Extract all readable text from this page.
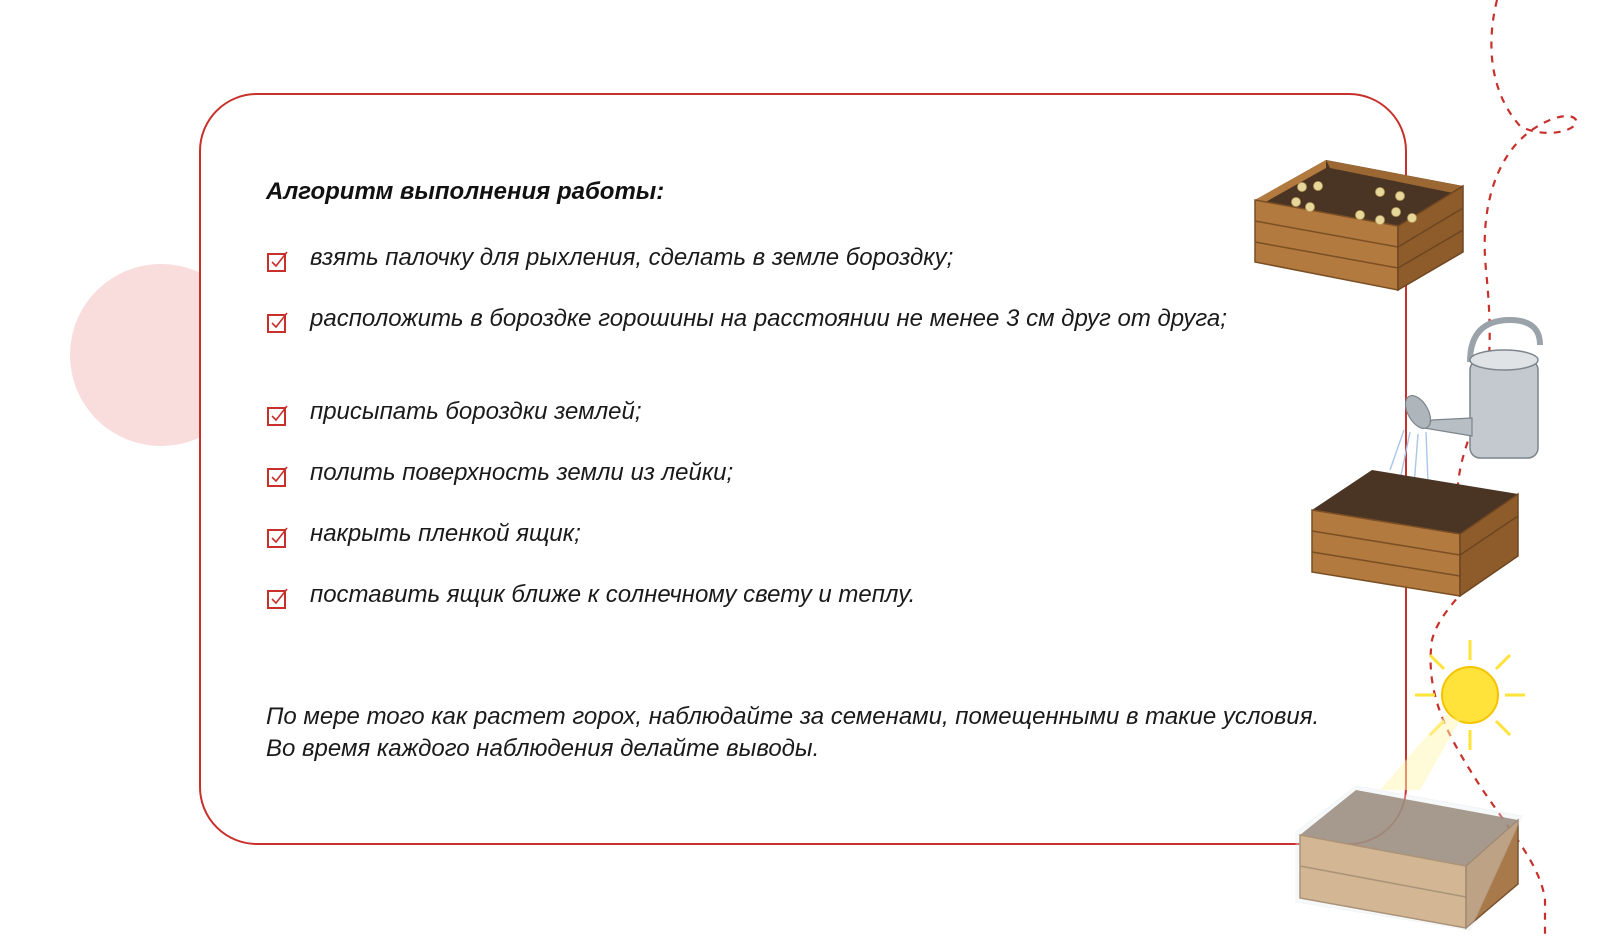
Алгоритм выполнения работы:
взять палочку для рыхления, сделать в земле бороздку;
расположить в бороздке горошины на расстоянии не менее 3 см друг от друга;
присыпать бороздки землей;
полить поверхность земли из лейки;
накрыть пленкой ящик;
поставить ящик ближе к солнечному свету и теплу.

По мере того как растет горох, наблюдайте за семенами, помещенными в такие условия. Во время каждого наблюдения делайте выводы.
